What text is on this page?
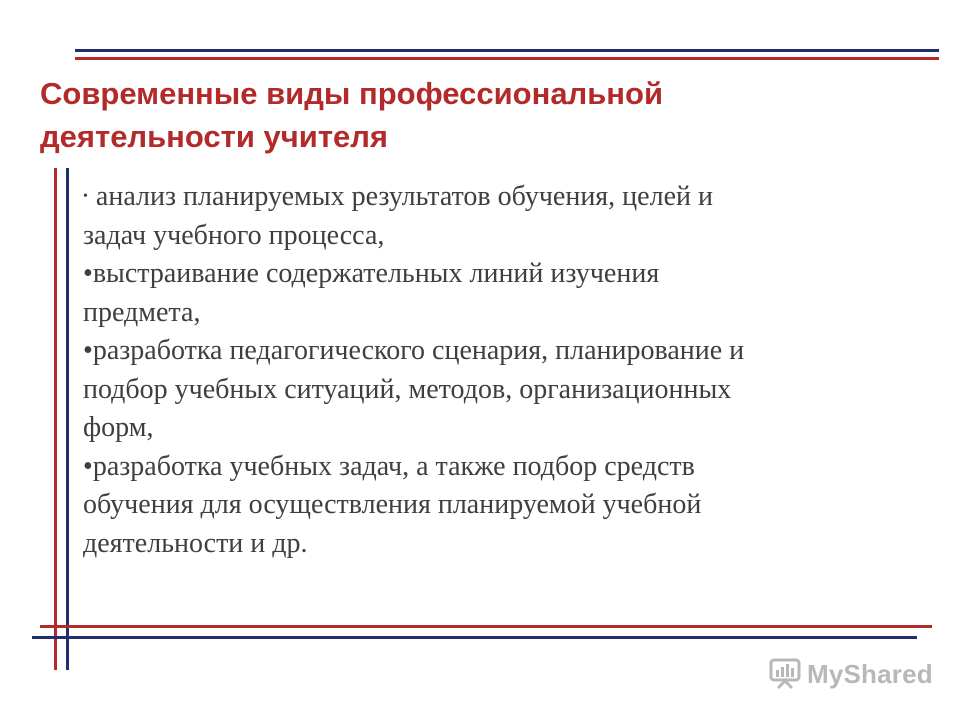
Современные виды профессиональной
деятельности учителя

• анализ планируемых результатов обучения, целей и
задач учебного процесса,

•выстраивание содержательных линий изучения
предмета,

•разработка педагогического сценария, планирование и
подбор учебных ситуаций, методов, организационных
форм,

•разработка учебных задач, а также подбор средств
обучения для осуществления планируемой учебной
деятельности и др.

MyShared
